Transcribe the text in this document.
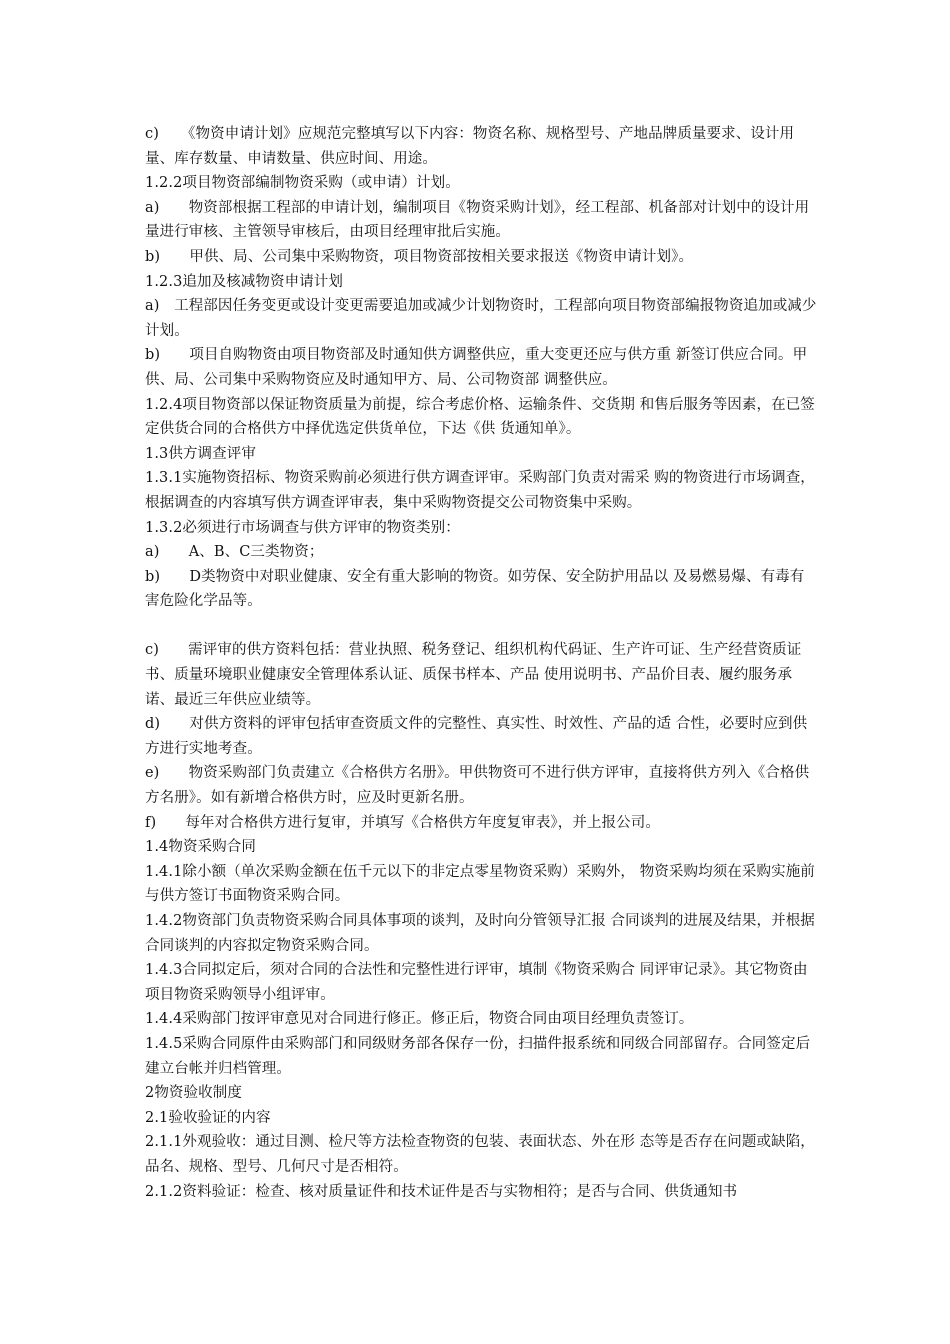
c)　　《物资申请计划》应规范完整填写以下内容：物资名称、规格型号、产地品牌质量要求、设计用量、库存数量、申请数量、供应时间、用途。

1.2.2项目物资部编制物资采购（或申请）计划。

a)　　物资部根据工程部的申请计划，编制项目《物资采购计划》，经工程部、机备部对计划中的设计用量进行审核、主管领导审核后，由项目经理审批后实施。

b)　　甲供、局、公司集中采购物资，项目物资部按相关要求报送《物资申请计划》。

1.2.3追加及核减物资申请计划

a)　工程部因任务变更或设计变更需要追加或减少计划物资时，工程部向项目物资部编报物资追加或减少计划。

b)　　项目自购物资由项目物资部及时通知供方调整供应，重大变更还应与供方重 新签订供应合同。甲供、局、公司集中采购物资应及时通知甲方、局、公司物资部 调整供应。

1.2.4项目物资部以保证物资质量为前提，综合考虑价格、运输条件、交货期 和售后服务等因素，在已签定供货合同的合格供方中择优选定供货单位，下达《供 货通知单》。

1.3供方调查评审

1.3.1实施物资招标、物资采购前必须进行供方调查评审。采购部门负责对需采 购的物资进行市场调查，根据调查的内容填写供方调查评审表，集中采购物资提交公司物资集中采购。

1.3.2必须进行市场调查与供方评审的物资类别：

a)　　A、B、C三类物资；

b)　　D类物资中对职业健康、安全有重大影响的物资。如劳保、安全防护用品以 及易燃易爆、有毒有害危险化学品等。

c)　　需评审的供方资料包括：营业执照、税务登记、组织机构代码证、生产许可证、生产经营资质证书、质量环境职业健康安全管理体系认证、质保书样本、产品 使用说明书、产品价目表、履约服务承诺、最近三年供应业绩等。

d)　　对供方资料的评审包括审查资质文件的完整性、真实性、时效性、产品的适 合性，必要时应到供方进行实地考查。

e)　　物资采购部门负责建立《合格供方名册》。甲供物资可不进行供方评审，直接将供方列入《合格供方名册》。如有新增合格供方时，应及时更新名册。

f)　　每年对合格供方进行复审，并填写《合格供方年度复审表》，并上报公司。

1.4物资采购合同

1.4.1除小额（单次采购金额在伍千元以下的非定点零星物资采购）采购外， 物资采购均须在采购实施前与供方签订书面物资采购合同。

1.4.2物资部门负责物资采购合同具体事项的谈判，及时向分管领导汇报 合同谈判的进展及结果，并根据合同谈判的内容拟定物资采购合同。

1.4.3合同拟定后，须对合同的合法性和完整性进行评审，填制《物资采购合 同评审记录》。其它物资由项目物资采购领导小组评审。

1.4.4采购部门按评审意见对合同进行修正。修正后，物资合同由项目经理负责签订。

1.4.5采购合同原件由采购部门和同级财务部各保存一份，扫描件报系统和同级合同部留存。合同签定后建立台帐并归档管理。

2物资验收制度

2.1验收验证的内容

2.1.1外观验收：通过目测、检尺等方法检查物资的包装、表面状态、外在形 态等是否存在问题或缺陷，品名、规格、型号、几何尺寸是否相符。

2.1.2资料验证：检查、核对质量证件和技术证件是否与实物相符；是否与合同、供货通知书
